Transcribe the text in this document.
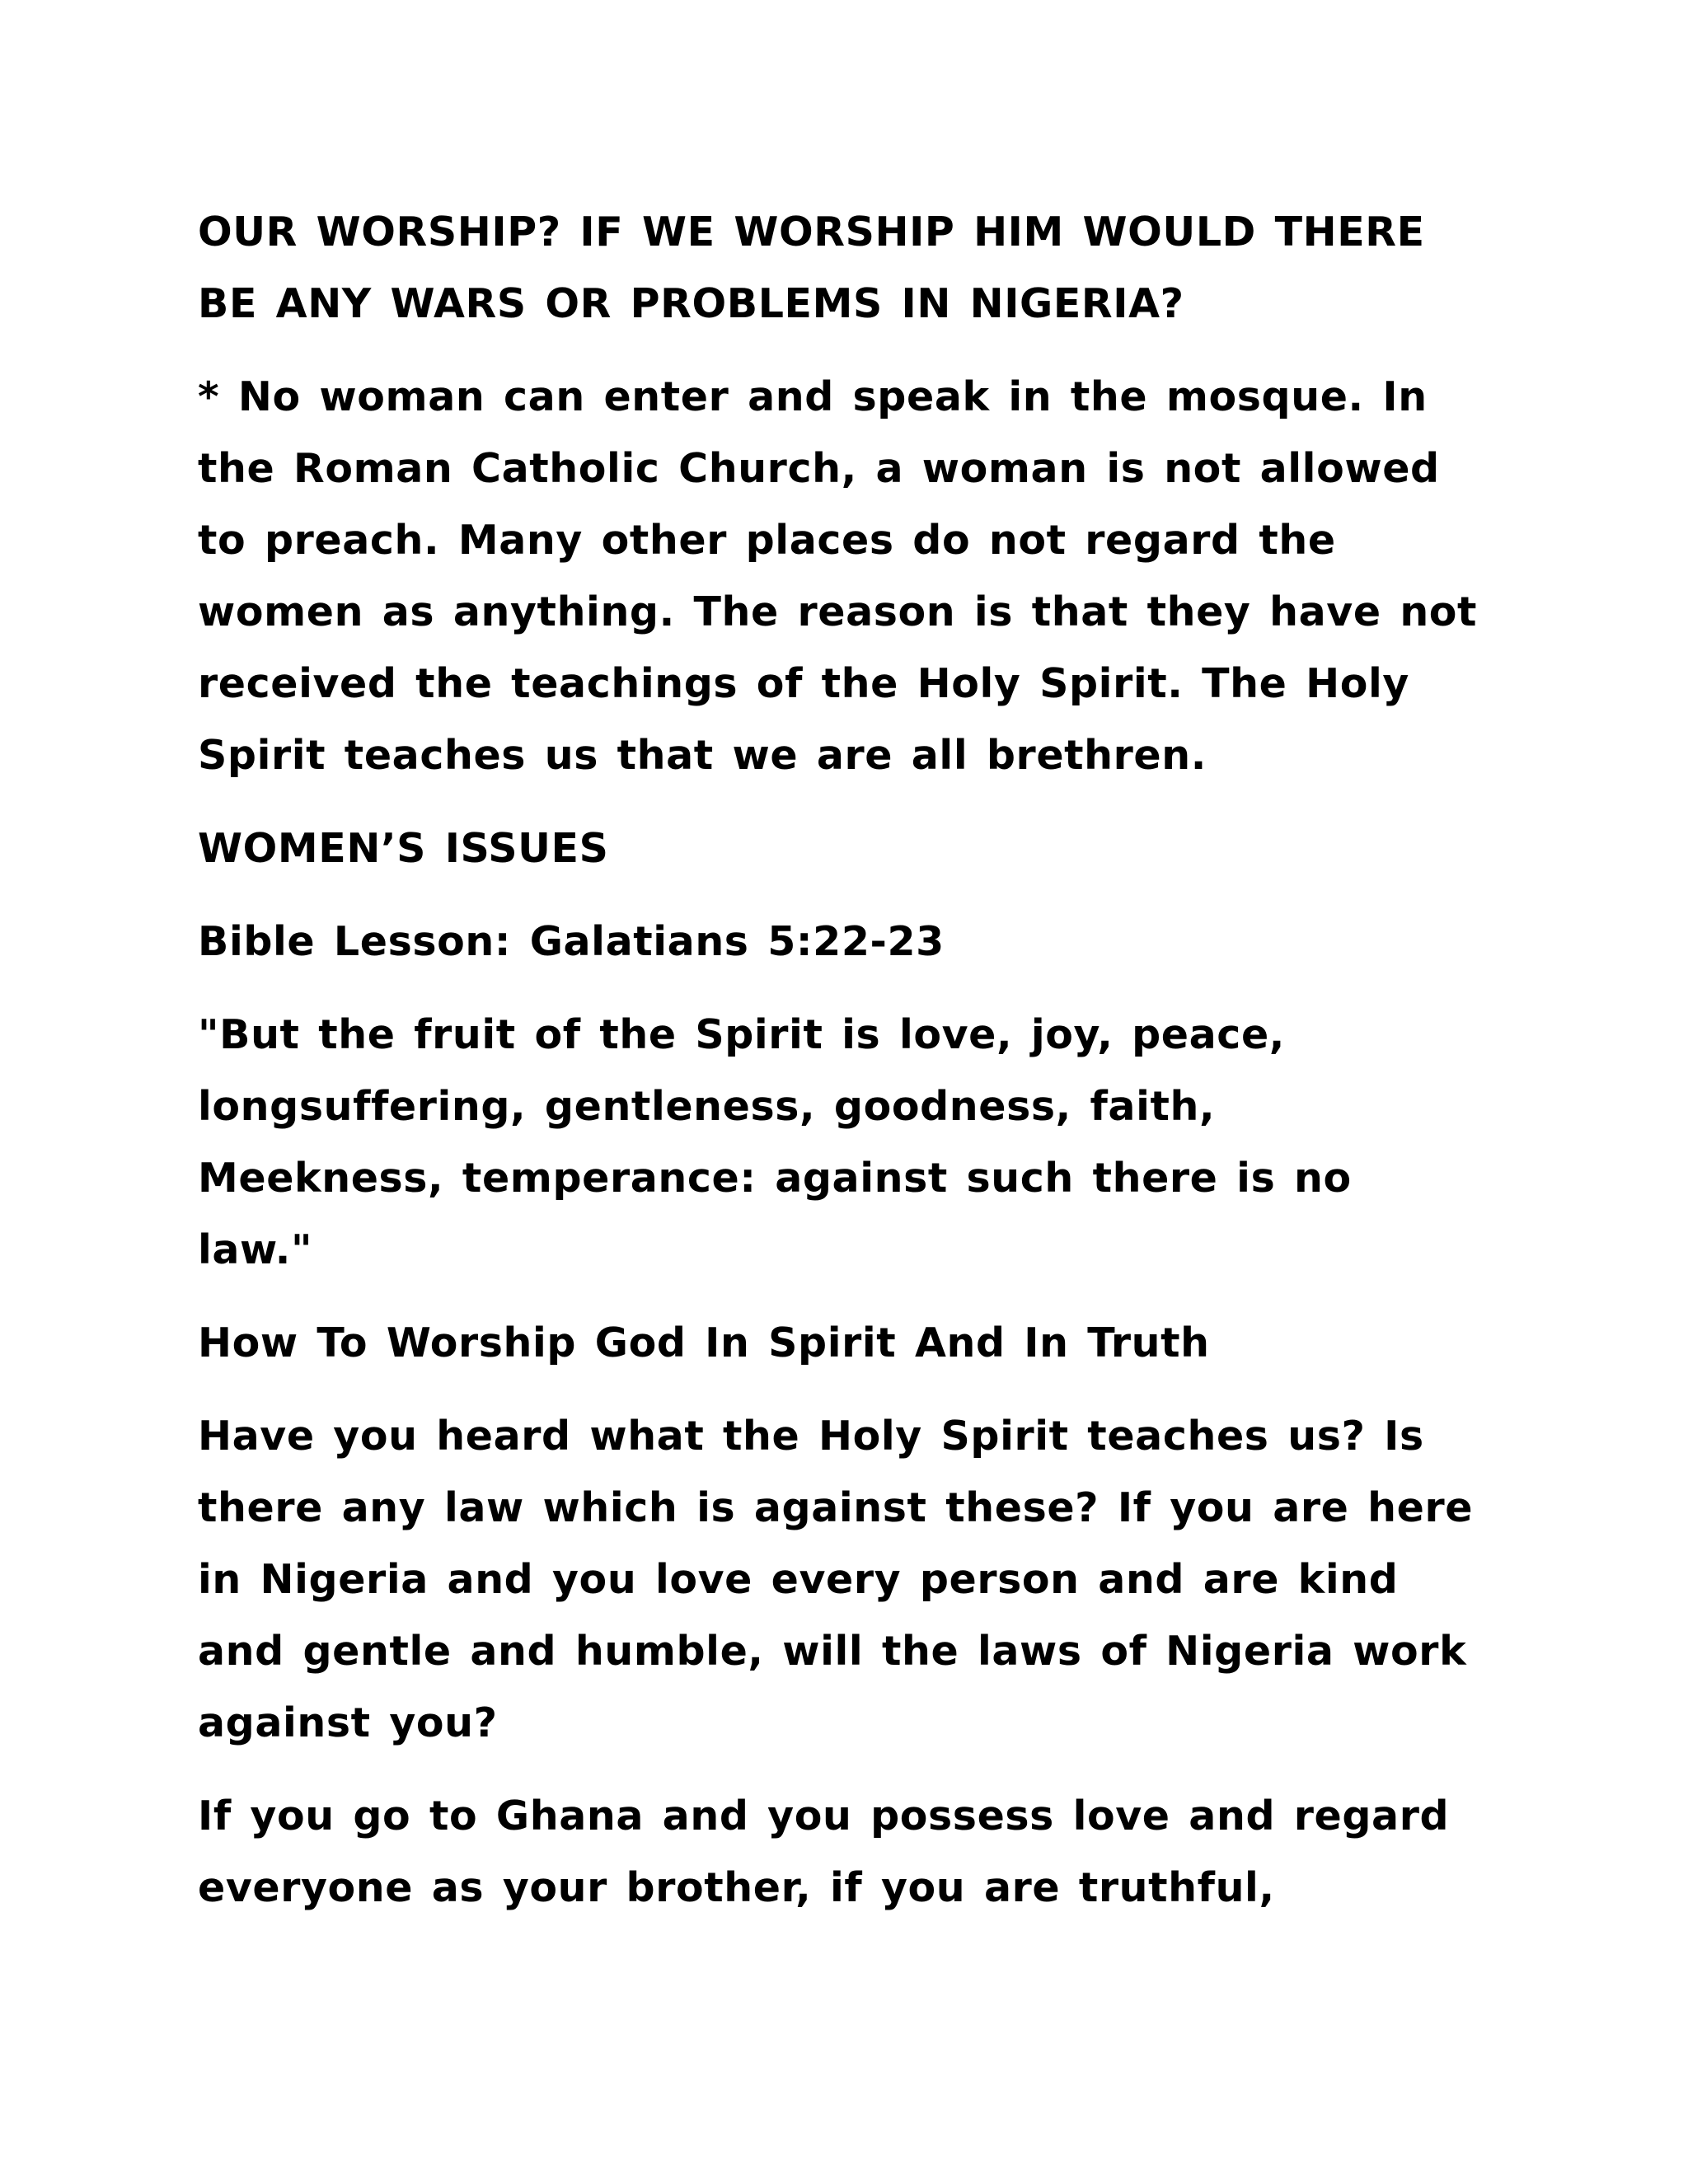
OUR WORSHIP? IF WE WORSHIP HIM WOULD THERE
BE ANY WARS OR PROBLEMS IN NIGERIA?

* No woman can enter and speak in the mosque. In
the Roman Catholic Church, a woman is not allowed
to preach. Many other places do not regard the
women as anything. The reason is that they have not
received the teachings of the Holy Spirit. The Holy
Spirit teaches us that we are all brethren.

WOMEN’S ISSUES

Bible Lesson: Galatians 5:22-23

"But the fruit of the Spirit is love, joy, peace,
longsuffering, gentleness, goodness, faith,
Meekness, temperance: against such there is no
law."

How To Worship God In Spirit And In Truth

Have you heard what the Holy Spirit teaches us? Is
there any law which is against these? If you are here
in Nigeria and you love every person and are kind
and gentle and humble, will the laws of Nigeria work
against you?

If you go to Ghana and you possess love and regard
everyone as your brother, if you are truthful,
